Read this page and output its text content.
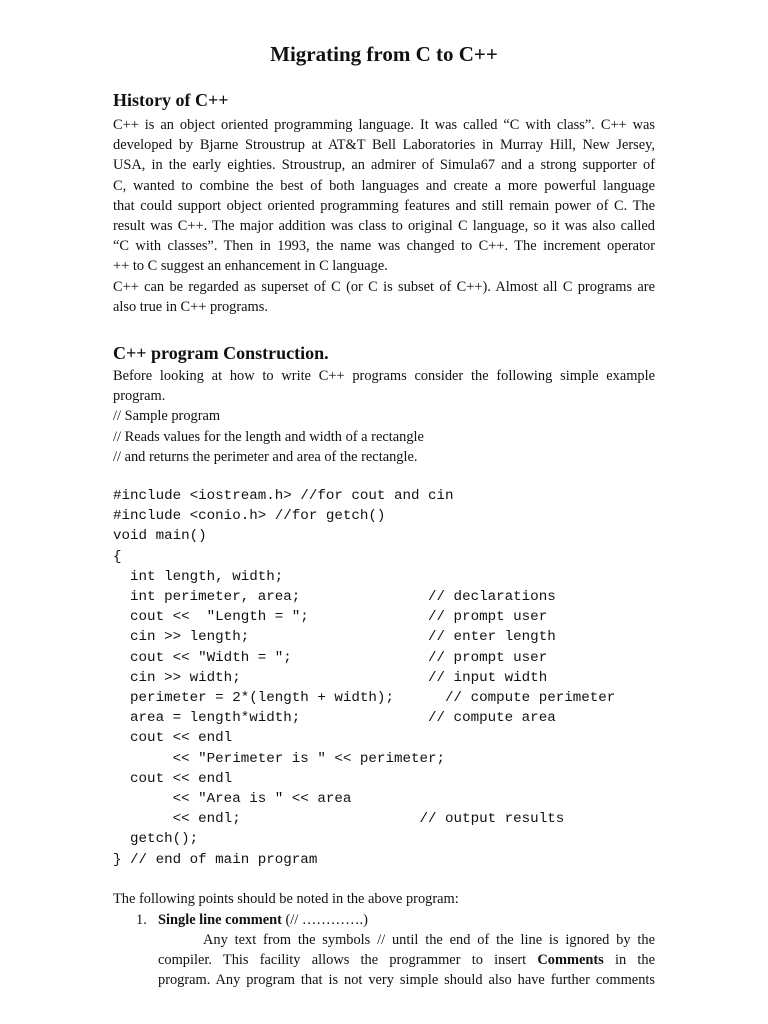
Migrating from C to C++
History of C++
C++ is an object oriented programming language. It was called “C with class”. C++ was
developed by Bjarne Stroustrup at AT&T Bell Laboratories in Murray Hill, New Jersey,
USA, in the early eighties. Stroustrup, an admirer of Simula67 and a strong supporter of
C, wanted to combine the best of both languages and create a more powerful language
that could support object oriented programming features and still remain power of C. The
result was C++. The major addition was class to original C language, so it was also called
“C with classes”. Then in 1993, the name was changed to C++. The increment operator
++ to C suggest an enhancement in C language.
C++ can be regarded as superset of C (or C is subset of C++). Almost all C programs are
also true in C++ programs.
C++ program Construction.
Before looking at how to write C++ programs consider the following simple example
program.
// Sample program
// Reads values for the length and width of a rectangle
// and returns the perimeter and area of the rectangle.
#include <iostream.h> //for cout and cin
#include <conio.h> //for getch()
void main()
{
int length, width;
int perimeter, area;               // declarations
cout <<  "Length = ";              // prompt user
cin >> length;                     // enter length
cout << "Width = ";                // prompt user
cin >> width;                      // input width
perimeter = 2*(length + width);      // compute perimeter
area = length*width;               // compute area
cout << endl
<< "Perimeter is " << perimeter;
cout << endl
<< "Area is " << area
<< endl;                     // output results
getch();
} // end of main program
The following points should be noted in the above program:
1. Single line comment (// ………….)
Any text from the symbols // until the end of the line is ignored by the
compiler. This facility allows the programmer to insert Comments in the
program. Any program that is not very simple should also have further comments
